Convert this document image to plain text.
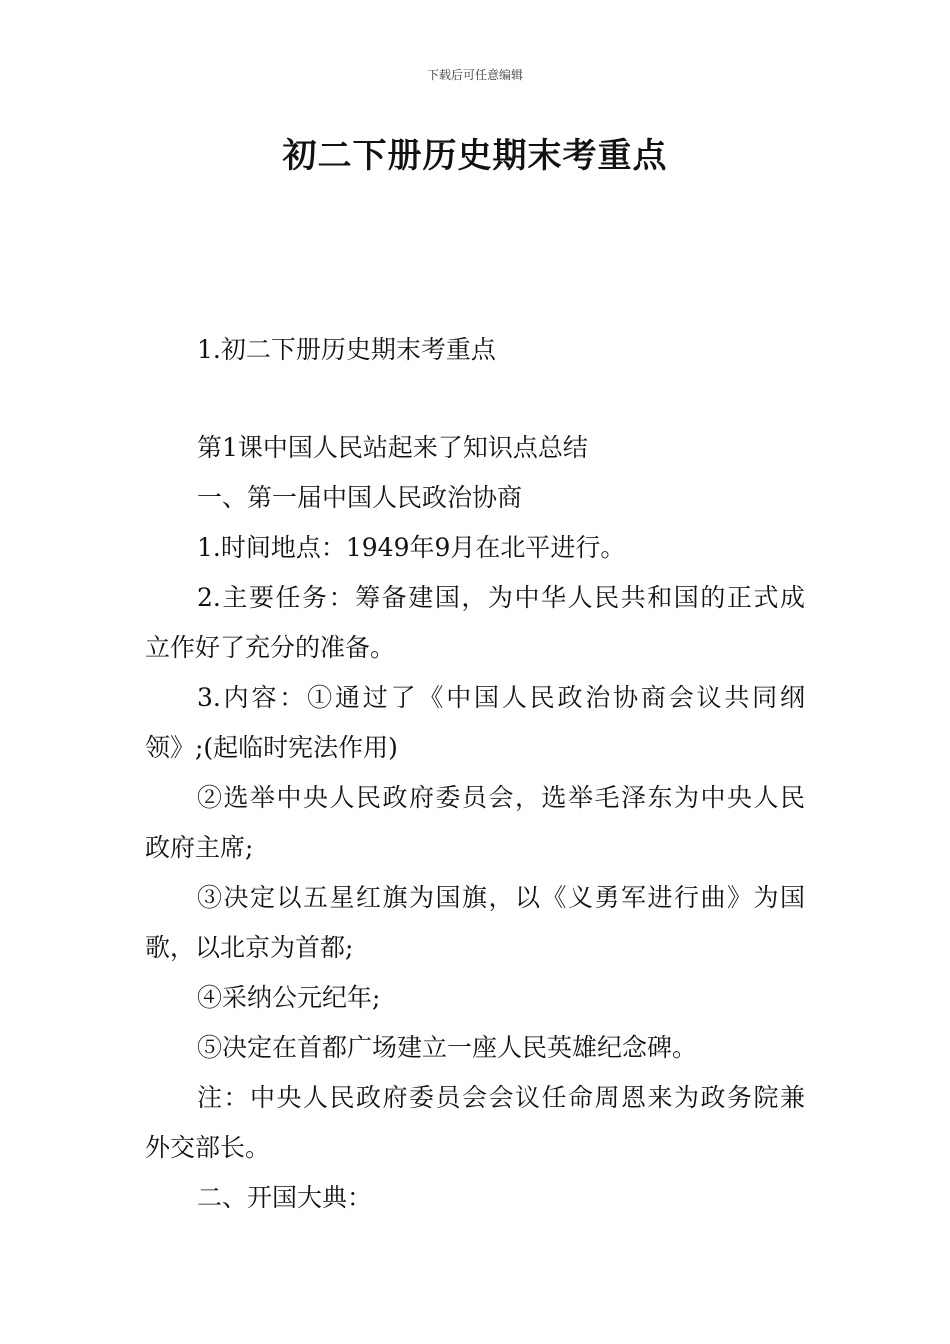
下载后可任意编辑
初二下册历史期末考重点
1.初二下册历史期末考重点
第1课中国人民站起来了知识点总结
一、第一届中国人民政治协商
1.时间地点：1949年9月在北平进行。
2.主要任务：筹备建国，为中华人民共和国的正式成
立作好了充分的准备。
3.内容：①通过了《中国人民政治协商会议共同纲
领》;(起临时宪法作用)
②选举中央人民政府委员会，选举毛泽东为中央人民
政府主席;
③决定以五星红旗为国旗，以《义勇军进行曲》为国
歌，以北京为首都;
④采纳公元纪年;
⑤决定在首都广场建立一座人民英雄纪念碑。
注：中央人民政府委员会会议任命周恩来为政务院兼
外交部长。
二、开国大典：
